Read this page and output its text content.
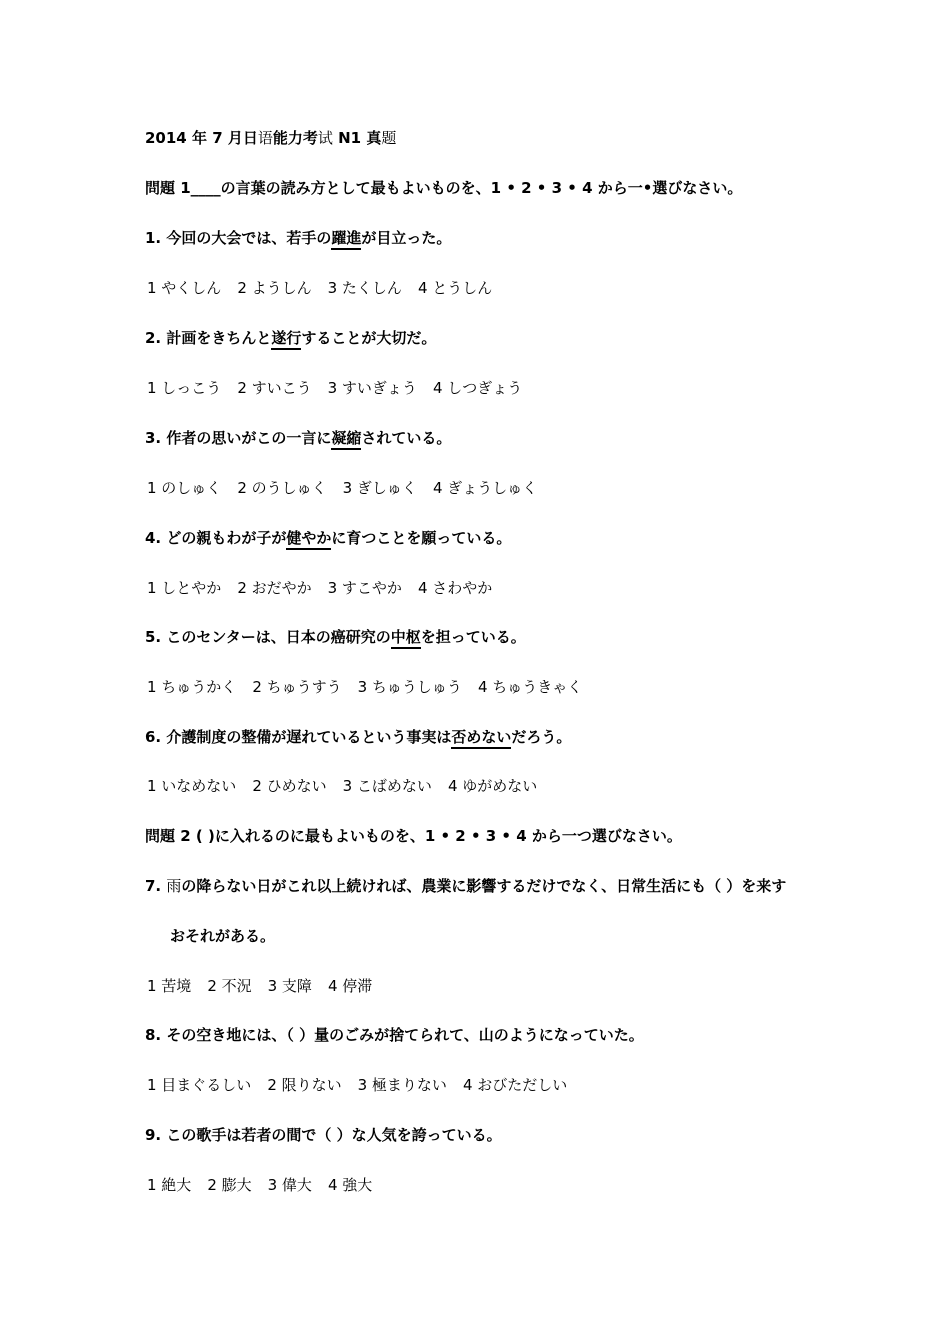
2014 年 7 月日语能力考试 N1 真题
問題 1____の言葉の読み方として最もよいものを、1 • 2 • 3 • 4 から一•選びなさい。
1. 今回の大会では、若手の躍進が目立った。
1 やくしん 2 ようしん 3 たくしん 4 とうしん
2. 計画をきちんと遂行することが大切だ。
1 しっこう 2 すいこう 3 すいぎょう 4 しつぎょう
3. 作者の思いがこの一言に凝縮されている。
1 のしゅく 2 のうしゅく 3 ぎしゅく 4 ぎょうしゅく
4. どの親もわが子が健やかに育つことを願っている。
1 しとやか 2 おだやか 3 すこやか 4 さわやか
5. このセンターは、日本の癌研究の中枢を担っている。
1 ちゅうかく 2 ちゅうすう 3 ちゅうしゅう 4 ちゅうきゃく
6. 介護制度の整備が遅れているという事実は否めないだろう。
1 いなめない 2 ひめない 3 こばめない 4 ゆがめない
問題 2 ( )に入れるのに最もよいものを、1 • 2 • 3 • 4 から一つ選びなさい。
7. 雨の降らない日がこれ以上続ければ、農業に影響するだけでなく、日常生活にも（ ）を来す
おそれがある。
1 苦境 2 不況 3 支障 4 停滞
8. その空き地には、（ ）量のごみが捨てられて、山のようになっていた。
1 目まぐるしい 2 限りない 3 極まりない 4 おびただしい
9. この歌手は若者の間で（ ）な人気を誇っている。
1 絶大 2 膨大 3 偉大 4 強大
